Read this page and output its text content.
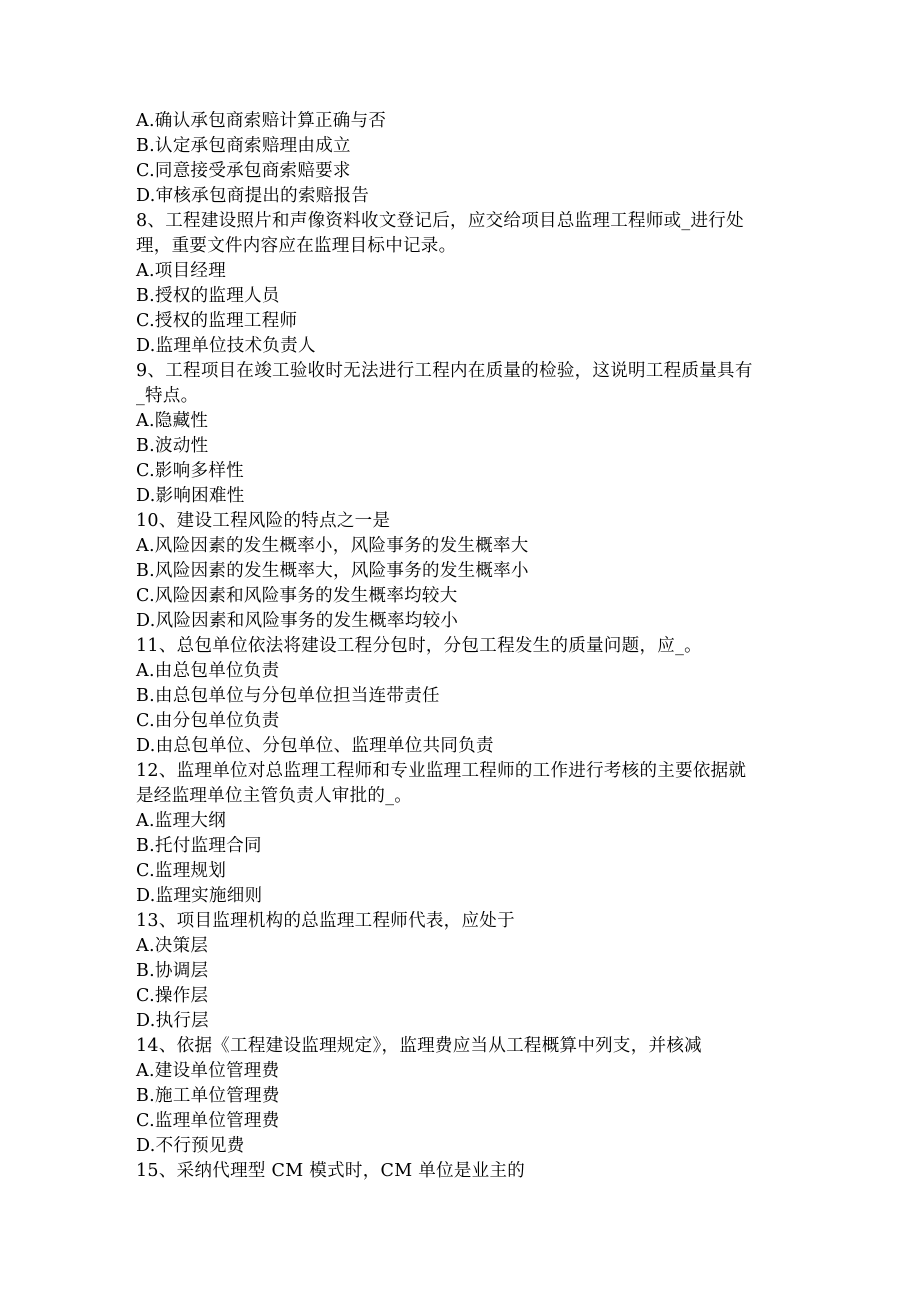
A.确认承包商索赔计算正确与否
B.认定承包商索赔理由成立
C.同意接受承包商索赔要求
D.审核承包商提出的索赔报告
8、工程建设照片和声像资料收文登记后，应交给项目总监理工程师或_进行处
理，重要文件内容应在监理目标中记录。
A.项目经理
B.授权的监理人员
C.授权的监理工程师
D.监理单位技术负责人
9、工程项目在竣工验收时无法进行工程内在质量的检验，这说明工程质量具有
_特点。
A.隐藏性
B.波动性
C.影响多样性
D.影响困难性
10、建设工程风险的特点之一是
A.风险因素的发生概率小，风险事务的发生概率大
B.风险因素的发生概率大，风险事务的发生概率小
C.风险因素和风险事务的发生概率均较大
D.风险因素和风险事务的发生概率均较小
11、总包单位依法将建设工程分包时，分包工程发生的质量问题，应_。
A.由总包单位负责
B.由总包单位与分包单位担当连带责任
C.由分包单位负责
D.由总包单位、分包单位、监理单位共同负责
12、监理单位对总监理工程师和专业监理工程师的工作进行考核的主要依据就
是经监理单位主管负责人审批的_。
A.监理大纲
B.托付监理合同
C.监理规划
D.监理实施细则
13、项目监理机构的总监理工程师代表，应处于
A.决策层
B.协调层
C.操作层
D.执行层
14、依据《工程建设监理规定》，监理费应当从工程概算中列支，并核减
A.建设单位管理费
B.施工单位管理费
C.监理单位管理费
D.不行预见费
15、采纳代理型 CM 模式时，CM 单位是业主的
